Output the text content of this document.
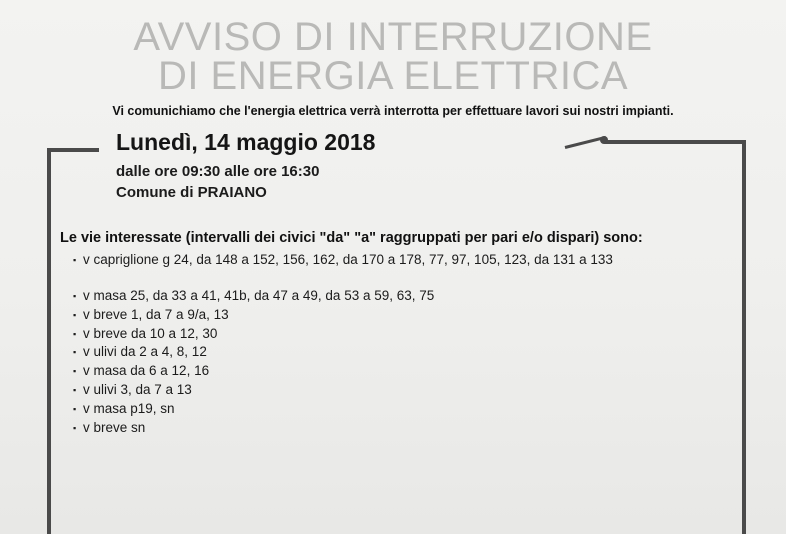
AVVISO DI INTERRUZIONE
DI ENERGIA ELETTRICA
Vi comunichiamo che l'energia elettrica verrà interrotta per effettuare lavori sui nostri impianti.
Lunedì, 14 maggio 2018
dalle ore 09:30 alle ore 16:30
Comune di PRAIANO
Le vie interessate (intervalli dei civici "da" "a" raggruppati per pari e/o dispari) sono:
▪ v capriglione g 24, da 148 a 152, 156, 162, da 170 a 178, 77, 97, 105, 123, da 131 a 133
▪ v masa 25, da 33 a 41, 41b, da 47 a 49, da 53 a 59, 63, 75
▪ v breve 1, da 7 a 9/a, 13
▪ v breve da 10 a 12, 30
▪ v ulivi da 2 a 4, 8, 12
▪ v masa da 6 a 12, 16
▪ v ulivi 3, da 7 a 13
▪ v masa p19, sn
▪ v breve sn
